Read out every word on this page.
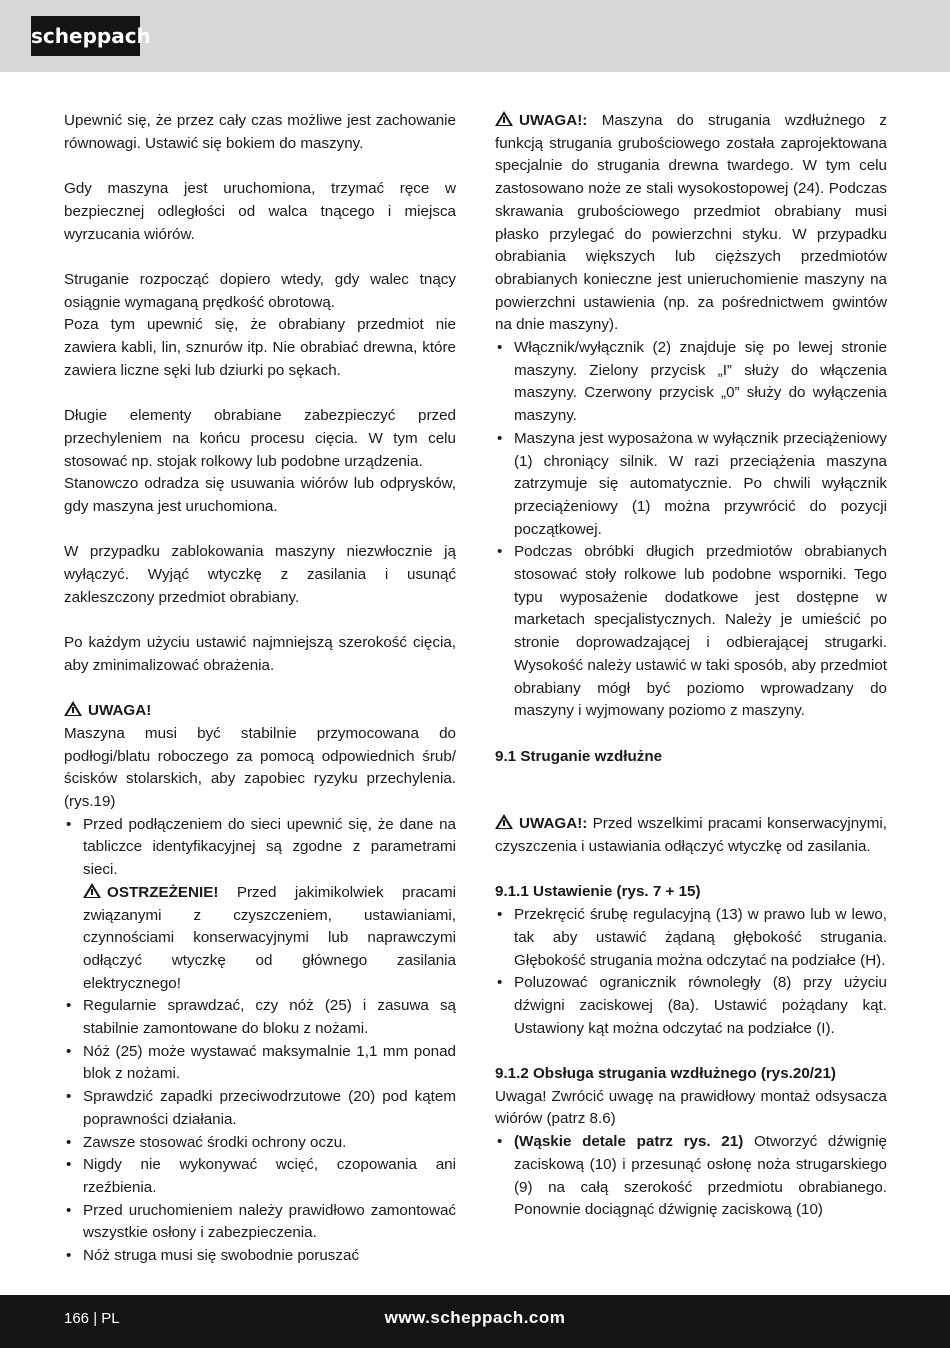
scheppach

Upewnić się, że przez cały czas możliwe jest zachowanie równowagi. Ustawić się bokiem do maszyny.

Gdy maszyna jest uruchomiona, trzymać ręce w bezpiecznej odległości od walca tnącego i miejsca wyrzucania wiórów.

Struganie rozpocząć dopiero wtedy, gdy walec tnący osiągnie wymaganą prędkość obrotową.

Poza tym upewnić się, że obrabiany przedmiot nie zawiera kabli, lin, sznurów itp. Nie obrabiać drewna, które zawiera liczne sęki lub dziurki po sękach.

Długie elementy obrabiane zabezpieczyć przed przechyleniem na końcu procesu cięcia. W tym celu stosować np. stojak rolkowy lub podobne urządzenia.

Stanowczo odradza się usuwania wiórów lub odprysków, gdy maszyna jest uruchomiona.

W przypadku zablokowania maszyny niezwłocznie ją wyłączyć. Wyjąć wtyczkę z zasilania i usunąć zakleszczony przedmiot obrabiany.

Po każdym użyciu ustawić najmniejszą szerokość cięcia, aby zminimalizować obrażenia.

UWAGA!

Maszyna musi być stabilnie przymocowana do podłogi/blatu roboczego za pomocą odpowiednich śrub/ścisków stolarskich, aby zapobiec ryzyku przechylenia. (rys.19)

• Przed podłączeniem do sieci upewnić się, że dane na tabliczce identyfikacyjnej są zgodne z parametrami sieci.
OSTRZEŻENIE! Przed jakimikolwiek pracami związanymi z czyszczeniem, ustawianiami, czynnościami konserwacyjnymi lub naprawczymi odłączyć wtyczkę od głównego zasilania elektrycznego!
• Regularnie sprawdzać, czy nóż (25) i zasuwa są stabilnie zamontowane do bloku z nożami.
• Nóż (25) może wystawać maksymalnie 1,1 mm ponad blok z nożami.
• Sprawdzić zapadki przeciwodrzutowe (20) pod kątem poprawności działania.
• Zawsze stosować środki ochrony oczu.
• Nigdy nie wykonywać wcięć, czopowania ani rzeźbienia.
• Przed uruchomieniem należy prawidłowo zamontować wszystkie osłony i zabezpieczenia.
• Nóż struga musi się swobodnie poruszać

UWAGA!: Maszyna do strugania wzdłużnego z funkcją strugania grubościowego została zaprojektowana specjalnie do strugania drewna twardego. W tym celu zastosowano noże ze stali wysokostopowej (24). Podczas skrawania grubościowego przedmiot obrabiany musi płasko przylegać do powierzchni styku. W przypadku obrabiania większych lub cięższych przedmiotów obrabianych konieczne jest unieruchomienie maszyny na powierzchni ustawienia (np. za pośrednictwem gwintów na dnie maszyny).

• Włącznik/wyłącznik (2) znajduje się po lewej stronie maszyny. Zielony przycisk „I” służy do włączenia maszyny. Czerwony przycisk „0” służy do wyłączenia maszyny.
• Maszyna jest wyposażona w wyłącznik przeciążeniowy (1) chroniący silnik. W razi przeciążenia maszyna zatrzymuje się automatycznie. Po chwili wyłącznik przeciążeniowy (1) można przywrócić do pozycji początkowej.
• Podczas obróbki długich przedmiotów obrabianych stosować stoły rolkowe lub podobne wsporniki. Tego typu wyposażenie dodatkowe jest dostępne w marketach specjalistycznych. Należy je umieścić po stronie doprowadzającej i odbierającej strugarki. Wysokość należy ustawić w taki sposób, aby przedmiot obrabiany mógł być poziomo wprowadzany do maszyny i wyjmowany poziomo z maszyny.

9.1 Struganie wzdłużne

UWAGA!: Przed wszelkimi pracami konserwacyjnymi, czyszczenia i ustawiania odłączyć wtyczkę od zasilania.

9.1.1 Ustawienie (rys. 7 + 15)

• Przekręcić śrubę regulacyjną (13) w prawo lub w lewo, tak aby ustawić żądaną głębokość strugania. Głębokość strugania można odczytać na podziałce (H).
• Poluzować ogranicznik równoległy (8) przy użyciu dźwigni zaciskowej (8a). Ustawić pożądany kąt. Ustawiony kąt można odczytać na podziałce (I).

9.1.2 Obsługa strugania wzdłużnego (rys.20/21)

Uwaga! Zwrócić uwagę na prawidłowy montaż odsysacza wiórów (patrz 8.6)

• (Wąskie detale patrz rys. 21) Otworzyć dźwignię zaciskową (10) i przesunąć osłonę noża strugarskiego (9) na całą szerokość przedmiotu obrabianego. Ponownie dociągnąć dźwignię zaciskową (10)
166 | PL	www.scheppach.com
